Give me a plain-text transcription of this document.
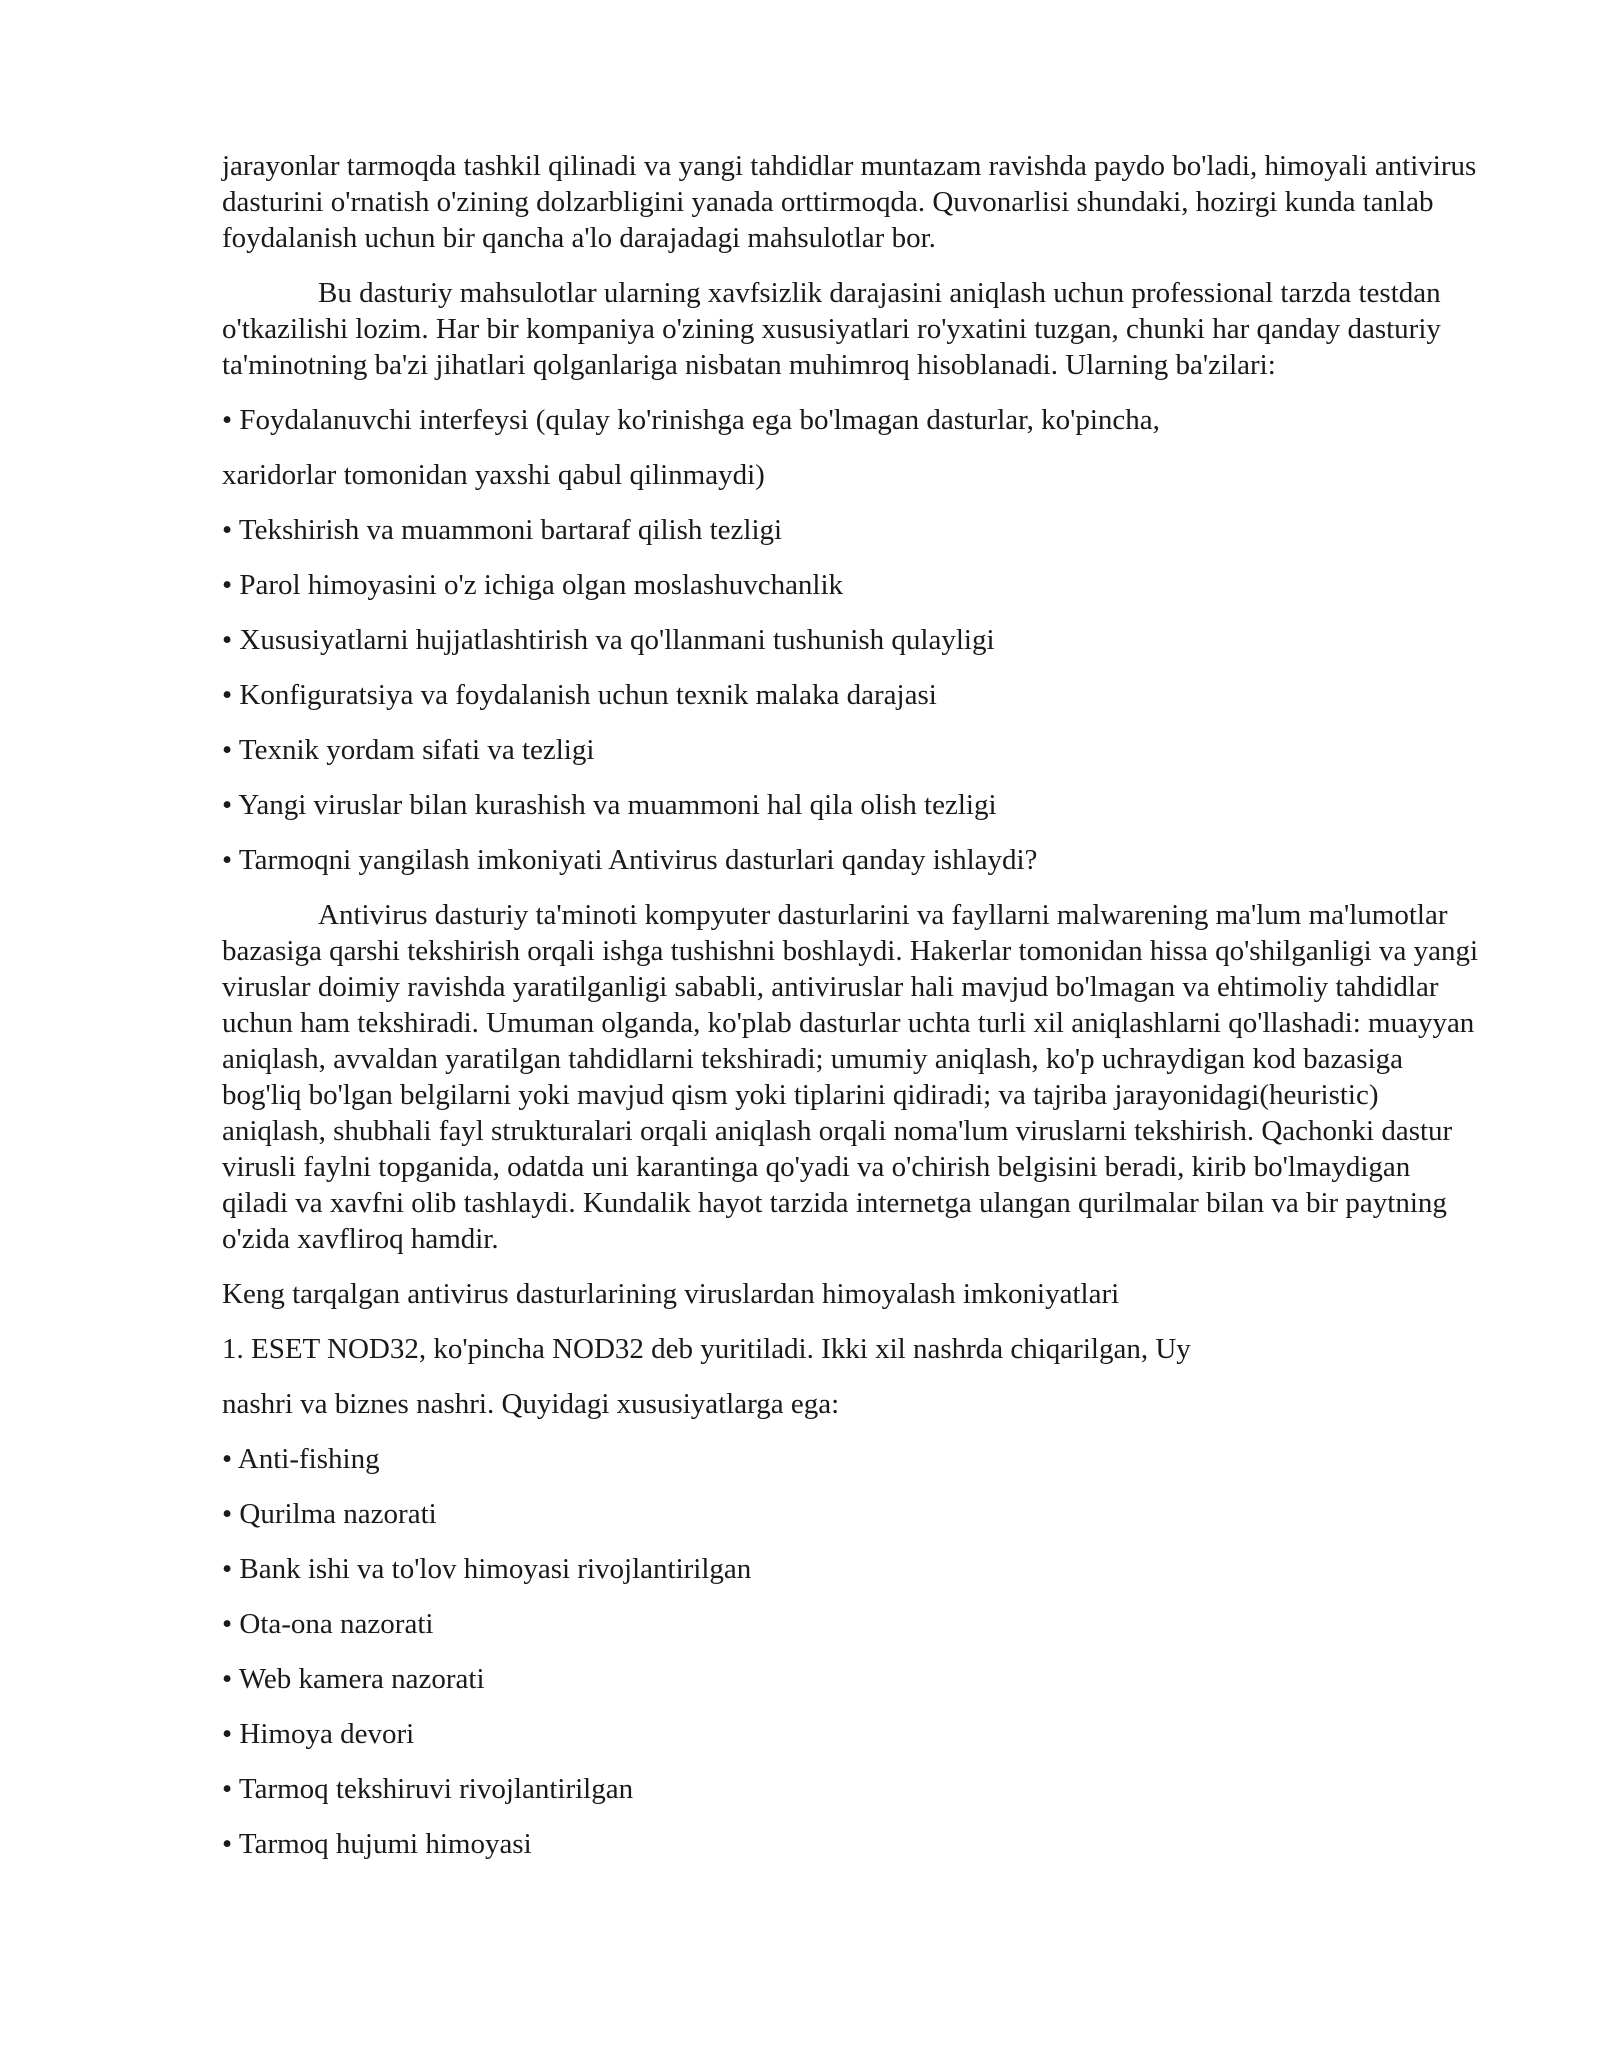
jarayonlar tarmoqda tashkil qilinadi va yangi tahdidlar muntazam ravishda paydo bo'ladi, himoyali antivirus dasturini o'rnatish o'zining dolzarbligini yanada orttirmoqda. Quvonarlisi shundaki, hozirgi kunda tanlab foydalanish uchun bir qancha a'lo darajadagi mahsulotlar bor.

Bu dasturiy mahsulotlar ularning xavfsizlik darajasini aniqlash uchun professional tarzda testdan o'tkazilishi lozim. Har bir kompaniya o'zining xususiyatlari ro'yxatini tuzgan, chunki har qanday dasturiy ta'minotning ba'zi jihatlari qolganlariga nisbatan muhimroq hisoblanadi. Ularning ba'zilari:

• Foydalanuvchi interfeysi (qulay ko'rinishga ega bo'lmagan dasturlar, ko'pincha,
xaridorlar tomonidan yaxshi qabul qilinmaydi)
• Tekshirish va muammoni bartaraf qilish tezligi
• Parol himoyasini o'z ichiga olgan moslashuvchanlik
• Xususiyatlarni hujjatlashtirish va qo'llanmani tushunish qulayligi
• Konfiguratsiya va foydalanish uchun texnik malaka darajasi
• Texnik yordam sifati va tezligi
• Yangi viruslar bilan kurashish va muammoni hal qila olish tezligi
• Tarmoqni yangilash imkoniyati Antivirus dasturlari qanday ishlaydi?

Antivirus dasturiy ta'minoti kompyuter dasturlarini va fayllarni malwarening ma'lum ma'lumotlar bazasiga qarshi tekshirish orqali ishga tushishni boshlaydi. Hakerlar tomonidan hissa qo'shilganligi va yangi viruslar doimiy ravishda yaratilganligi sababli, antiviruslar hali mavjud bo'lmagan va ehtimoliy tahdidlar uchun ham tekshiradi. Umuman olganda, ko'plab dasturlar uchta turli xil aniqlashlarni qo'llashadi: muayyan aniqlash, avvaldan yaratilgan tahdidlarni tekshiradi; umumiy aniqlash, ko'p uchraydigan kod bazasiga bog'liq bo'lgan belgilarni yoki mavjud qism yoki tiplarini qidiradi; va tajriba jarayonidagi(heuristic) aniqlash, shubhali fayl strukturalari orqali aniqlash orqali noma'lum viruslarni tekshirish. Qachonki dastur virusli faylni topganida, odatda uni karantinga qo'yadi va o'chirish belgisini beradi, kirib bo'lmaydigan qiladi va xavfni olib tashlaydi. Kundalik hayot tarzida internetga ulangan qurilmalar bilan va bir paytning o'zida xavfliroq hamdir.

Keng tarqalgan antivirus dasturlarining viruslardan himoyalash imkoniyatlari
1. ESET NOD32, ko'pincha NOD32 deb yuritiladi. Ikki xil nashrda chiqarilgan, Uy
nashri va biznes nashri. Quyidagi xususiyatlarga ega:
• Anti-fishing
• Qurilma nazorati
• Bank ishi va to'lov himoyasi rivojlantirilgan
• Ota-ona nazorati
• Web kamera nazorati
• Himoya devori
• Tarmoq tekshiruvi rivojlantirilgan
• Tarmoq hujumi himoyasi
